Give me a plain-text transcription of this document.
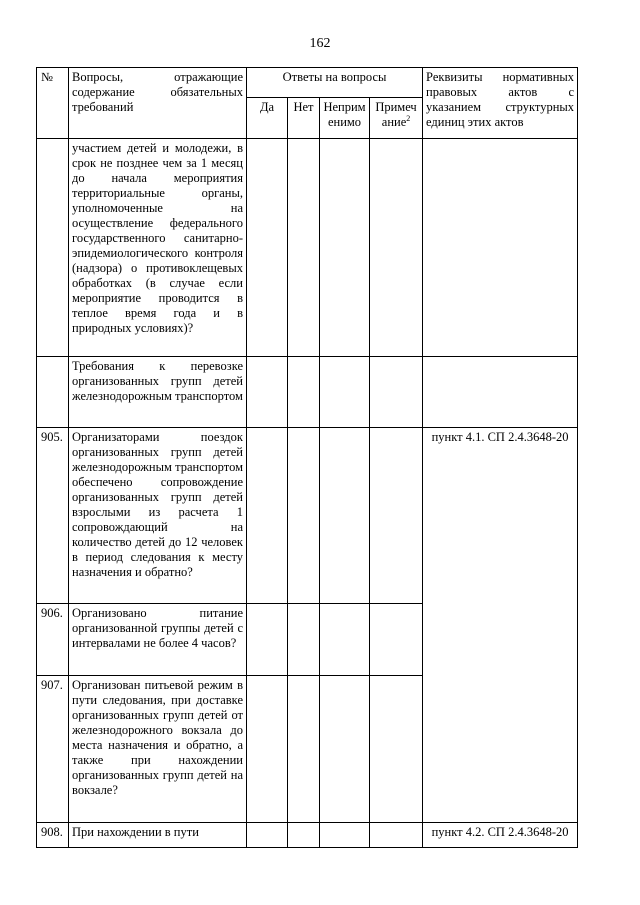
162
№	Вопросы, отражающие содержание обязательных требований	Ответы на вопросы				Реквизиты нормативных правовых актов с указанием структурных единиц этих актов
		Да	Нет	Неприм енимо	Примеч ание$^2$
	участием детей и молодежи, в срок не позднее чем за 1 месяц до начала мероприятия территориальные органы, уполномоченные на осуществление федерального государственного санитарно-эпидемиологического контроля (надзора) о противоклещевых обработках (в случае если мероприятие проводится в теплое время года и в природных условиях)?					
	Требования к перевозке организованных групп детей железнодорожным транспортом					
905.	Организаторами поездок организованных групп детей железнодорожным транспортом обеспечено сопровождение организованных групп детей взрослыми из расчета 1 сопровождающий на количество детей до 12 человек в период следования к месту назначения и обратно?					пункт 4.1. СП 2.4.3648-20
906.	Организовано питание организованной группы детей с интервалами не более 4 часов?					
907.	Организован питьевой режим в пути следования, при доставке организованных групп детей от железнодорожного вокзала до места назначения и обратно, а также при нахождении организованных групп детей на вокзале?					
908.	При нахождении в пути					пункт 4.2. СП 2.4.3648-20
